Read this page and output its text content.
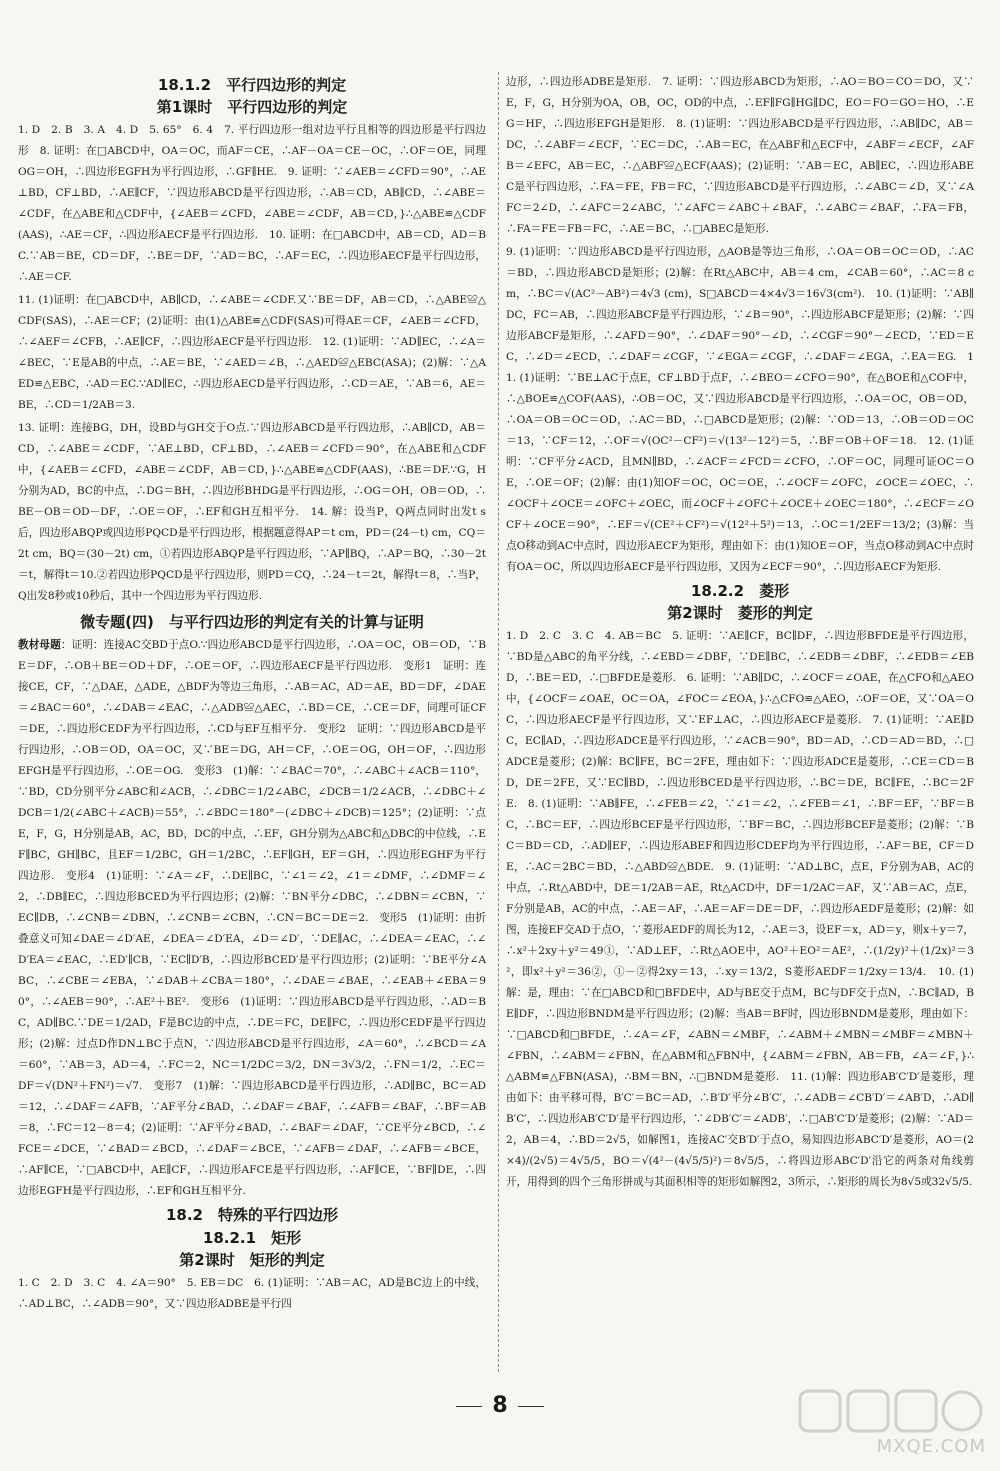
18.1.2　平行四边形的判定
第1课时　平行四边形的判定

1. D　2. B　3. A　4. D　5. 65°　6. 4　7. 平行四边形一组对边平行且相等的四边形是平行四边形　8. 证明：在□ABCD中，OA＝OC，而AF＝CE，∴AF－OA＝CE－OC，∴OF＝OE，同理OG＝OH，∴四边形EGFH为平行四边形，∴GF∥HE.　9. 证明：∵∠AEB＝∠CFD＝90°，∴AE⊥BD，CF⊥BD，∴AE∥CF，∵四边形ABCD是平行四边形，∴AB＝CD，AB∥CD，∴∠ABE＝∠CDF，在△ABE和△CDF中，{∠AEB＝∠CFD，∠ABE＝∠CDF，AB＝CD，}∴△ABE≌△CDF(AAS)，∴AE＝CF，∴四边形AECF是平行四边形.　10. 证明：在□ABCD中，AB＝CD，AD＝BC.∵AB＝BE，CD＝DF，∴BE＝DF，∵AD＝BC，∴AF＝EC，∴四边形AECF是平行四边形，∴AE＝CF.

11. (1)证明：在□ABCD中，AB∥CD，∴∠ABE＝∠CDF.又∵BE＝DF，AB＝CD，∴△ABE≌△CDF(SAS)，∴AE＝CF；(2)证明：由(1)△ABE≌△CDF(SAS)可得AE＝CF，∠AEB＝∠CFD，∴∠AEF＝∠CFB，∴AE∥CF，∴四边形AECF是平行四边形.　12. (1)证明：∵AD∥EC，∴∠A＝∠BEC，∵E是AB的中点，∴AE＝BE，∵∠AED＝∠B，∴△AED≌△EBC(ASA)；(2)解：∵△AED≌△EBC，∴AD＝EC.∵AD∥EC，∴四边形AECD是平行四边形，∴CD＝AE，∵AB＝6，AE＝BE，∴CD＝1/2AB＝3.

13. 证明：连接BG，DH，设BD与GH交于O点.∵四边形ABCD是平行四边形，∴AB∥CD，AB＝CD，∴∠ABE＝∠CDF，∵AE⊥BD，CF⊥BD，∴∠AEB＝∠CFD＝90°，在△ABE和△CDF中，{∠AEB＝∠CFD，∠ABE＝∠CDF，AB＝CD，}∴△ABE≌△CDF(AAS)，∴BE＝DF.∵G，H分别为AD，BC的中点，∴DG＝BH，∴四边形BHDG是平行四边形，∴OG＝OH，OB＝OD，∴BE－OB＝OD－DF，∴OE＝OF，∴EF和GH互相平分.　14. 解：设当P，Q两点同时出发t s后，四边形ABQP或四边形PQCD是平行四边形，根据题意得AP＝t cm，PD＝(24－t) cm，CQ＝2t cm，BQ＝(30－2t) cm，①若四边形ABQP是平行四边形，∵AP∥BQ，∴AP＝BQ，∴30－2t＝t，解得t＝10.②若四边形PQCD是平行四边形，则PD＝CQ，∴24－t＝2t，解得t＝8，∴当P，Q出发8秒或10秒后，其中一个四边形为平行四边形.

微专题(四)　与平行四边形的判定有关的计算与证明

教材母题：证明：连接AC交BD于点O.∵四边形ABCD是平行四边形，∴OA＝OC，OB＝OD，∵BE＝DF，∴OB＋BE＝OD＋DF，∴OE＝OF，∴四边形AECF是平行四边形.　变形1　证明：连接CE，CF，∵△DAE，△ADE，△BDF为等边三角形，∴AB＝AC，AD＝AE，BD＝DF，∠DAE＝∠BAC＝60°，∴∠DAB＝∠EAC，∴△ADB≌△AEC，∴BD＝CE，∴CE＝DF，同理可证CF＝DE，∴四边形CEDF为平行四边形，∴CD与EF互相平分.　变形2　证明：∵四边形ABCD是平行四边形，∴OB＝OD，OA＝OC，又∵BE＝DG，AH＝CF，∴OE＝OG，OH＝OF，∴四边形EFGH是平行四边形，∴OE＝OG.　变形3　(1)解：∵∠BAC＝70°，∴∠ABC＋∠ACB＝110°，∵BD，CD分别平分∠ABC和∠ACB，∴∠DBC＝1/2∠ABC，∠DCB＝1/2∠ACB，∴∠DBC＋∠DCB＝1/2(∠ABC＋∠ACB)＝55°，∴∠BDC＝180°－(∠DBC＋∠DCB)＝125°；(2)证明：∵点E，F，G，H分别是AB，AC，BD，DC的中点，∴EF，GH分别为△ABC和△DBC的中位线，∴EF∥BC，GH∥BC，且EF＝1/2BC，GH＝1/2BC，∴EF∥GH，EF＝GH，∴四边形EGHF为平行四边形.　变形4　(1)证明：∵∠A＝∠F，∴DE∥BC，∵∠1＝∠2，∠1＝∠DMF，∴∠DMF＝∠2，∴DB∥EC，∴四边形BCED为平行四边形；(2)解：∵BN平分∠DBC，∴∠DBN＝∠CBN，∵EC∥DB，∴∠CNB＝∠DBN，∴∠CNB＝∠CBN，∴CN＝BC＝DE＝2.　变形5　(1)证明：由折叠意义可知∠DAE＝∠D′AE，∠DEA＝∠D′EA，∠D＝∠D′，∵DE∥AC，∴∠DEA＝∠EAC，∴∠D′EA＝∠EAC，∴ED′∥CB，∵EC∥D′B，∴四边形BCED′是平行四边形；(2)证明：∵BE平分∠ABC，∴∠CBE＝∠EBA，∵∠DAB＋∠CBA＝180°，∴∠DAE＝∠BAE，∴∠EAB＋∠EBA＝90°，∴∠AEB＝90°，∴AE²＋BE².　变形6　(1)证明：∵四边形ABCD是平行四边形，∴AD＝BC，AD∥BC.∵DE＝1/2AD，F是BC边的中点，∴DE＝FC，DE∥FC，∴四边形CEDF是平行四边形；(2)解：过点D作DN⊥BC于点N，∵四边形ABCD是平行四边形，∠A＝60°，∴∠BCD＝∠A＝60°，∵AB＝3，AD＝4，∴FC＝2，NC＝1/2DC＝3/2，DN＝3√3/2，∴FN＝1/2，∴EC＝DF＝√(DN²＋FN²)＝√7.　变形7　(1)解：∵四边形ABCD是平行四边形，∴AD∥BC，BC＝AD＝12，∴∠DAF＝∠AFB，∵AF平分∠BAD，∴∠DAF＝∠BAF，∴∠AFB＝∠BAF，∴BF＝AB＝8，∴FC＝12－8＝4；(2)证明：∵AF平分∠BAD，∴∠BAF＝∠DAF，∵CE平分∠BCD，∴∠FCE＝∠DCE，∵∠BAD＝∠BCD，∴∠DAF＝∠BCE，∵∠AFB＝∠DAF，∴∠AFB＝∠BCE，∴AF∥CE，∵□ABCD中，AE∥CF，∴四边形AFCE是平行四边形，∴AF∥CE，∵BF∥DE，∴四边形EGFH是平行四边形，∴EF和GH互相平分.

18.2　特殊的平行四边形
18.2.1　矩形
第2课时　矩形的判定

1. C　2. D　3. C　4. ∠A＝90°　5. EB＝DC　6. (1)证明：∵AB＝AC，AD是BC边上的中线，∴AD⊥BC，∴∠ADB＝90°，又∵四边形ADBE是平行四

边形，∴四边形ADBE是矩形.　7. 证明：∵四边形ABCD为矩形，∴AO＝BO＝CO＝DO，又∵E，F，G，H分别为OA，OB，OC，OD的中点，∴EF∥FG∥HG∥DC，EO＝FO＝GO＝HO，∴EG＝HF，∴四边形EFGH是矩形.　8. (1)证明：∵四边形ABCD是平行四边形，∴AB∥DC，AB＝DC，∴∠ABF＝∠ECF，∵EC＝DC，∴AB＝EC，在△ABF和△ECF中，∠ABF＝∠ECF，∠AFB＝∠EFC，AB＝EC，∴△ABF≌△ECF(AAS)；(2)证明：∵AB＝EC，AB∥EC，∴四边形ABEC是平行四边形，∴FA＝FE，FB＝FC，∵四边形ABCD是平行四边形，∴∠ABC＝∠D，又∵∠AFC＝2∠D，∴∠AFC＝2∠ABC，∵∠AFC＝∠ABC＋∠BAF，∴∠ABC＝∠BAF，∴FA＝FB，∴FA＝FE＝FB＝FC，∴AE＝BC，∴□ABEC是矩形.

9. (1)证明：∵四边形ABCD是平行四边形，△AOB是等边三角形，∴OA＝OB＝OC＝OD，∴AC＝BD，∴四边形ABCD是矩形；(2)解：在Rt△ABC中，AB＝4 cm，∠CAB＝60°，∴AC＝8 cm，∴BC＝√(AC²－AB²)＝4√3 (cm)，S□ABCD＝4×4√3＝16√3(cm²).　10. (1)证明：∵AB∥DC，FC＝AB，∴四边形ABCF是平行四边形，∵∠B＝90°，∴四边形ABCF是矩形；(2)解：∵四边形ABCF是矩形，∴∠AFD＝90°，∴∠DAF＝90°－∠D，∴∠CGF＝90°－∠ECD，∵ED＝EC，∴∠D＝∠ECD，∴∠DAF＝∠CGF，∵∠EGA＝∠CGF，∴∠DAF＝∠EGA，∴EA＝EG.　11. (1)证明：∵BE⊥AC于点E，CF⊥BD于点F，∴∠BEO＝∠CFO＝90°，在△BOE和△COF中，∴△BOE≌△COF(AAS)，∴OB＝OC，又∵四边形ABCD是平行四边形，∴OA＝OC，OB＝OD，∴OA＝OB＝OC＝OD，∴AC＝BD，∴□ABCD是矩形；(2)解：∵OD＝13，∴OB＝OD＝OC＝13，∵CF＝12，∴OF＝√(OC²－CF²)＝√(13²－12²)＝5，∴BF＝OB＋OF＝18.　12. (1)证明：∵CF平分∠ACD，且MN∥BD，∴∠ACF＝∠FCD＝∠CFO，∴OF＝OC，同理可证OC＝OE，∴OE＝OF；(2)解：由(1)知OF＝OC，OC＝OE，∴∠OCF＝∠OFC，∠OCE＝∠OEC，∴∠OCF＋∠OCE＝∠OFC＋∠OEC，而∠OCF＋∠OFC＋∠OCE＋∠OEC＝180°，∴∠ECF＝∠OCF＋∠OCE＝90°，∴EF＝√(CE²＋CF²)＝√(12²＋5²)＝13，∴OC＝1/2EF＝13/2；(3)解：当点O移动到AC中点时，四边形AECF为矩形，理由如下：由(1)知OE＝OF，当点O移动到AC中点时有OA＝OC，所以四边形AECF是平行四边形，又因为∠ECF＝90°，∴四边形AECF为矩形.

18.2.2　菱形
第2课时　菱形的判定

1. D　2. C　3. C　4. AB＝BC　5. 证明：∵AE∥CF，BC∥DF，∴四边形BFDE是平行四边形，∵BD是△ABC的角平分线，∴∠EBD＝∠DBF，∵DE∥BC，∴∠EDB＝∠DBF，∴∠EDB＝∠EBD，∴BE＝ED，∴□BFDE是菱形.　6. 证明：∵AB∥DC，∴∠OCF＝∠OAE，在△CFO和△AEO中，{∠OCF＝∠OAE，OC＝OA，∠FOC＝∠EOA，}∴△CFO≌△AEO，∴OF＝OE，又∵OA＝OC，∴四边形AECF是平行四边形，又∵EF⊥AC，∴四边形AECF是菱形.　7. (1)证明：∵AE∥DC，EC∥AD，∴四边形ADCE是平行四边形，∵∠ACB＝90°，BD＝AD，∴CD＝AD＝BD，∴□ADCE是菱形；(2)解：BC∥FE，BC＝2FE，理由如下：∵四边形ADCE是菱形，∴CE＝CD＝BD，DE＝2FE，又∵EC∥BD，∴四边形BCED是平行四边形，∴BC＝DE，BC∥FE，∴BC＝2FE.　8. (1)证明：∵AB∥FE，∴∠FEB＝∠2，∵∠1＝∠2，∴∠FEB＝∠1，∴BF＝EF，∵BF＝BC，∴BC＝EF，∴四边形BCEF是平行四边形，∵BF＝BC，∴四边形BCEF是菱形；(2)解：∵BC＝BD＝CD，∴AD∥EF，∴四边形ABEF和四边形CDEF均为平行四边形，∴AF＝BE，CF＝DE，∴AC＝2BC＝BD，∴△ABD≌△BDE.　9. (1)证明：∵AD⊥BC，点E，F分别为AB，AC的中点，∴Rt△ABD中，DE＝1/2AB＝AE，Rt△ACD中，DF＝1/2AC＝AF，又∵AB＝AC，点E，F分别是AB，AC的中点，∴AE＝AF，∴AE＝AF＝DE＝DF，∴四边形AEDF是菱形；(2)解：如图，连接EF交AD于点O，∵菱形AEDF的周长为12，∴AE＝3，设EF＝x，AD＝y，则x＋y＝7，∴x²＋2xy＋y²＝49①，∵AD⊥EF，∴Rt△AOE中，AO²＋EO²＝AE²，∴(1/2y)²＋(1/2x)²＝3²，即x²＋y²＝36②，①－②得2xy＝13，∴xy＝13/2，S菱形AEDF＝1/2xy＝13/4.　10. (1)解：是，理由：∵在□ABCD和□BFDE中，AD与BE交于点M，BC与DF交于点N，∴BC∥AD，BE∥DF，∴四边形BNDM是平行四边形；(2)解：当AB＝BF时，四边形BNDM是菱形，理由如下：∵□ABCD和□BFDE，∴∠A＝∠F，∠ABN＝∠MBF，∴∠ABM＋∠MBN＝∠MBF＝∠MBN＋∠FBN，∴∠ABM＝∠FBN，在△ABM和△FBN中，{∠ABM＝∠FBN，AB＝FB，∠A＝∠F，}∴△ABM≌△FBN(ASA)，∴BM＝BN，∴□BNDM是菱形.　11. (1)解：四边形AB′C′D′是菱形，理由如下：由平移可得，B′C′＝BC＝AD，∴B′D′平分∠B′C′，∴∠ADB＝∠CB′D′＝∠AB′D，∴AD∥B′C′，∴四边形AB′C′D′是平行四边形，∵∠DB′C′＝∠ADB′，∴□AB′C′D′是菱形；(2)解：∵AD＝2，AB＝4，∴BD＝2√5，如解图1，连接AC′交B′D′于点O，易知四边形ABC′D′是菱形，AO＝(2×4)/(2√5)＝4√5/5，BO＝√(4²－(4√5/5)²)＝8√5/5，∴将四边形ABC′D′沿它的两条对角线剪开，用得到的四个三角形拼成与其面积相等的矩形如解图2，3所示，∴矩形的周长为8√5或32√5/5.

8
MXQE.COM
